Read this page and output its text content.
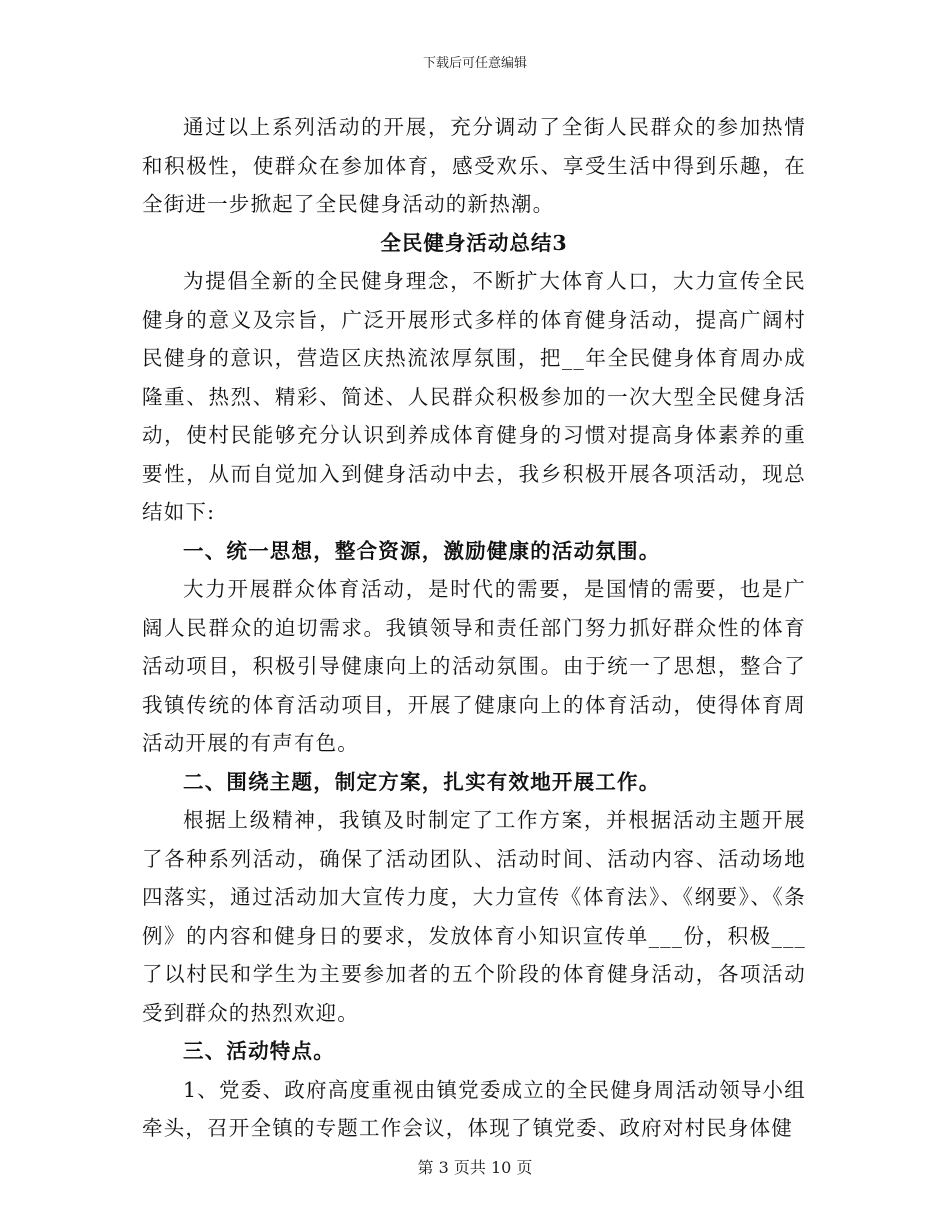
下载后可任意编辑

通过以上系列活动的开展，充分调动了全街人民群众的参加热情和积极性，使群众在参加体育，感受欢乐、享受生活中得到乐趣，在全街进一步掀起了全民健身活动的新热潮。

全民健身活动总结3

为提倡全新的全民健身理念，不断扩大体育人口，大力宣传全民健身的意义及宗旨，广泛开展形式多样的体育健身活动，提高广阔村民健身的意识，营造区庆热流浓厚氛围，把__年全民健身体育周办成隆重、热烈、精彩、简述、人民群众积极参加的一次大型全民健身活动，使村民能够充分认识到养成体育健身的习惯对提高身体素养的重要性，从而自觉加入到健身活动中去，我乡积极开展各项活动，现总结如下:

一、统一思想，整合资源，激励健康的活动氛围。

大力开展群众体育活动，是时代的需要，是国情的需要，也是广阔人民群众的迫切需求。我镇领导和责任部门努力抓好群众性的体育活动项目，积极引导健康向上的活动氛围。由于统一了思想，整合了我镇传统的体育活动项目，开展了健康向上的体育活动，使得体育周活动开展的有声有色。

二、围绕主题，制定方案，扎实有效地开展工作。

根据上级精神，我镇及时制定了工作方案，并根据活动主题开展了各种系列活动，确保了活动团队、活动时间、活动内容、活动场地四落实，通过活动加大宣传力度，大力宣传《体育法》、《纲要》、《条例》的内容和健身日的要求，发放体育小知识宣传单___份，积极___了以村民和学生为主要参加者的五个阶段的体育健身活动，各项活动受到群众的热烈欢迎。

三、活动特点。

1、党委、政府高度重视由镇党委成立的全民健身周活动领导小组牵头，召开全镇的专题工作会议，体现了镇党委、政府对村民身体健

第 3 页共 10 页
